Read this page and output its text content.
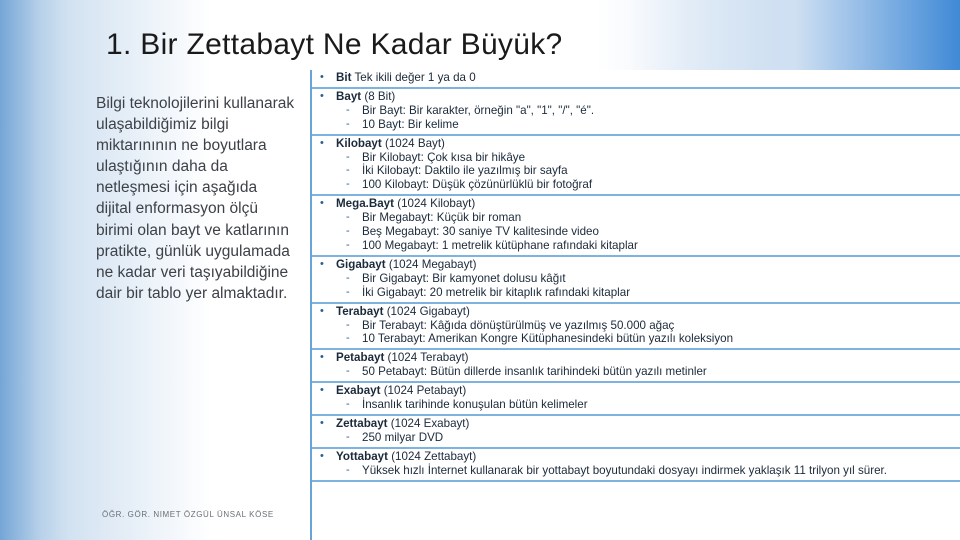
1. Bir Zettabayt Ne Kadar Büyük?
Bilgi teknolojilerini kullanarak ulaşabildiğimiz bilgi miktarınının ne boyutlara ulaştığının daha da netleşmesi için aşağıda dijital enformasyon ölçü birimi olan bayt ve katlarının pratikte, günlük uygulamada ne kadar veri taşıyabildiğine dair bir tablo yer almaktadır.
ÖĞR. GÖR. NIMET ÖZGÜL ÜNSAL KÖSE
• Bit Tek ikili değer 1 ya da 0
• Bayt (8 Bit)
- Bir Bayt: Bir karakter, örneğin "a", "1", "/", "é".
- 10 Bayt: Bir kelime
• Kilobayt (1024 Bayt)
- Bir Kilobayt: Çok kısa bir hikâye
- İki Kilobayt: Daktilo ile yazılmış bir sayfa
- 100 Kilobayt: Düşük çözünürlüklü bir fotoğraf
• Mega.Bayt (1024 Kilobayt)
- Bir Megabayt: Küçük bir roman
- Beş Megabayt: 30 saniye TV kalitesinde video
- 100 Megabayt: 1 metrelik kütüphane rafındaki kitaplar
• Gigabayt (1024 Megabayt)
- Bir Gigabayt: Bir kamyonet dolusu kâğıt
- İki Gigabayt: 20 metrelik bir kitaplık rafındaki kitaplar
• Terabayt (1024 Gigabayt)
- Bir Terabayt: Kâğıda dönüştürülmüş ve yazılmış 50.000 ağaç
- 10 Terabayt: Amerikan Kongre Kütüphanesindeki bütün yazılı koleksiyon
• Petabayt (1024 Terabayt)
- 50 Petabayt: Bütün dillerde insanlık tarihindeki bütün yazılı metinler
• Exabayt (1024 Petabayt)
- İnsanlık tarihinde konuşulan bütün kelimeler
• Zettabayt (1024 Exabayt)
- 250 milyar DVD
• Yottabayt (1024 Zettabayt)
- Yüksek hızlı İnternet kullanarak bir yottabayt boyutundaki dosyayı indirmek yaklaşık 11 trilyon yıl sürer.
